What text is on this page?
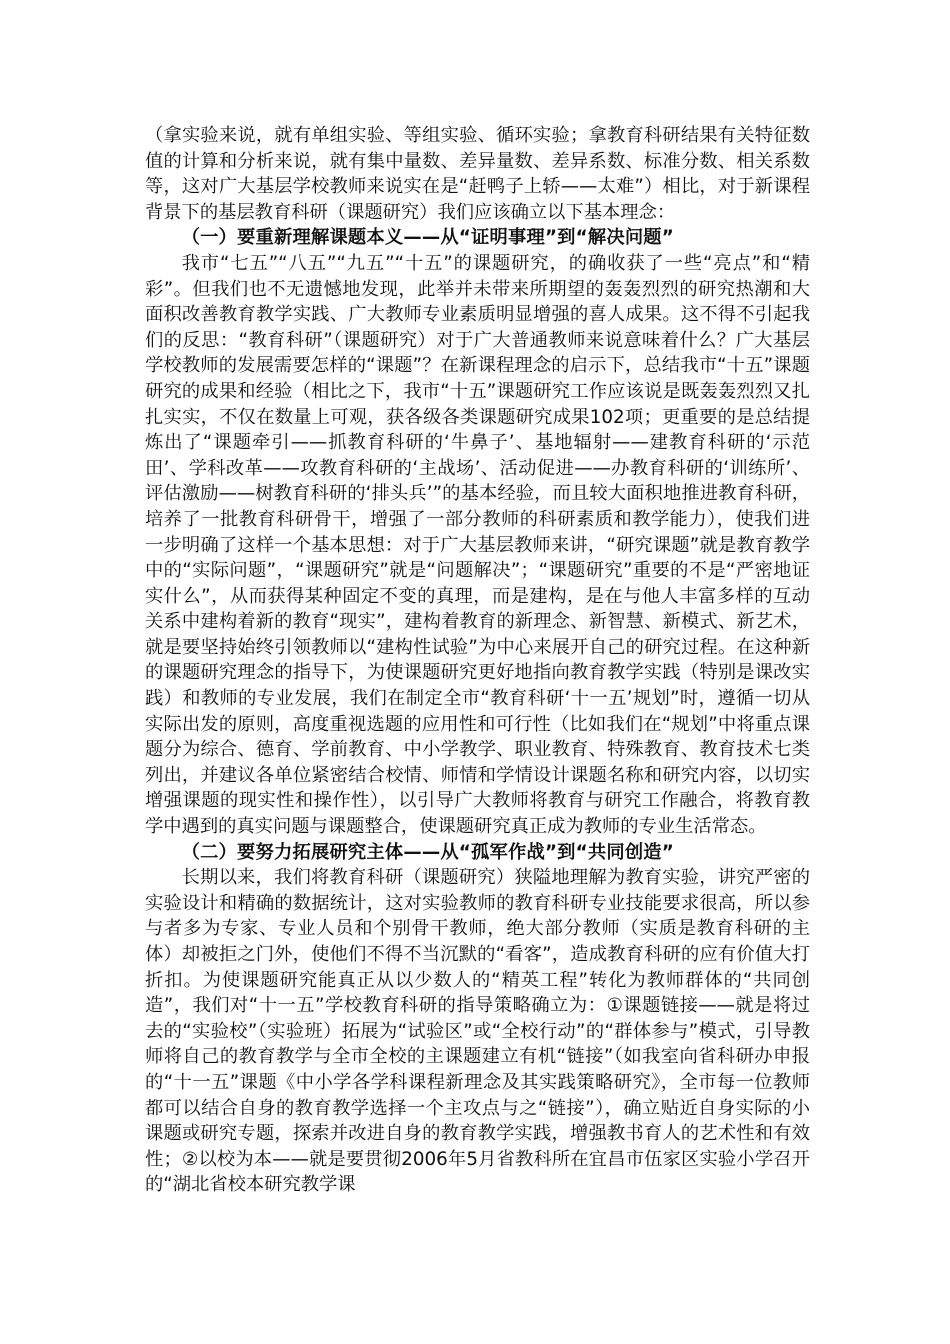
（拿实验来说，就有单组实验、等组实验、循环实验；拿教育科研结果有关特征数值的计算和分析来说，就有集中量数、差异量数、差异系数、标准分数、相关系数等，这对广大基层学校教师来说实在是“赶鸭子上轿——太难”）相比，对于新课程背景下的基层教育科研（课题研究）我们应该确立以下基本理念：

（一）要重新理解课题本义——从“证明事理”到“解决问题”

我市“七五”“八五”“九五”“十五”的课题研究，的确收获了一些“亮点”和“精彩”。但我们也不无遗憾地发现，此举并未带来所期望的轰轰烈烈的研究热潮和大面积改善教育教学实践、广大教师专业素质明显增强的喜人成果。这不得不引起我们的反思：“教育科研”（课题研究）对于广大普通教师来说意味着什么？广大基层学校教师的发展需要怎样的“课题”？在新课程理念的启示下，总结我市“十五”课题研究的成果和经验（相比之下，我市“十五”课题研究工作应该说是既轰轰烈烈又扎扎实实，不仅在数量上可观，获各级各类课题研究成果102项；更重要的是总结提炼出了“课题牵引——抓教育科研的‘牛鼻子’、基地辐射——建教育科研的‘示范田’、学科改革——攻教育科研的‘主战场’、活动促进——办教育科研的‘训练所’、评估激励——树教育科研的‘排头兵’”的基本经验，而且较大面积地推进教育科研，培养了一批教育科研骨干，增强了一部分教师的科研素质和教学能力），使我们进一步明确了这样一个基本思想：对于广大基层教师来讲，“研究课题”就是教育教学中的“实际问题”，“课题研究”就是“问题解决”；“课题研究”重要的不是“严密地证实什么”，从而获得某种固定不变的真理，而是建构，是在与他人丰富多样的互动关系中建构着新的教育“现实”，建构着教育的新理念、新智慧、新模式、新艺术，就是要坚持始终引领教师以“建构性试验”为中心来展开自己的研究过程。在这种新的课题研究理念的指导下，为使课题研究更好地指向教育教学实践（特别是课改实践）和教师的专业发展，我们在制定全市“教育科研‘十一五’规划”时，遵循一切从实际出发的原则，高度重视选题的应用性和可行性（比如我们在“规划”中将重点课题分为综合、德育、学前教育、中小学教学、职业教育、特殊教育、教育技术七类列出，并建议各单位紧密结合校情、师情和学情设计课题名称和研究内容，以切实增强课题的现实性和操作性），以引导广大教师将教育与研究工作融合，将教育教学中遇到的真实问题与课题整合，使课题研究真正成为教师的专业生活常态。

（二）要努力拓展研究主体——从“孤军作战”到“共同创造”

长期以来，我们将教育科研（课题研究）狭隘地理解为教育实验，讲究严密的实验设计和精确的数据统计，这对实验教师的教育科研专业技能要求很高，所以参与者多为专家、专业人员和个别骨干教师，绝大部分教师（实质是教育科研的主体）却被拒之门外，使他们不得不当沉默的“看客”，造成教育科研的应有价值大打折扣。为使课题研究能真正从以少数人的“精英工程”转化为教师群体的“共同创造”，我们对“十一五”学校教育科研的指导策略确立为：①课题链接——就是将过去的“实验校”（实验班）拓展为“试验区”或“全校行动”的“群体参与”模式，引导教师将自己的教育教学与全市全校的主课题建立有机“链接”（如我室向省科研办申报的“十一五”课题《中小学各学科课程新理念及其实践策略研究》，全市每一位教师都可以结合自身的教育教学选择一个主攻点与之“链接”），确立贴近自身实际的小课题或研究专题，探索并改进自身的教育教学实践，增强教书育人的艺术性和有效性；②以校为本——就是要贯彻2006年5月省教科所在宜昌市伍家区实验小学召开的“湖北省校本研究教学课
